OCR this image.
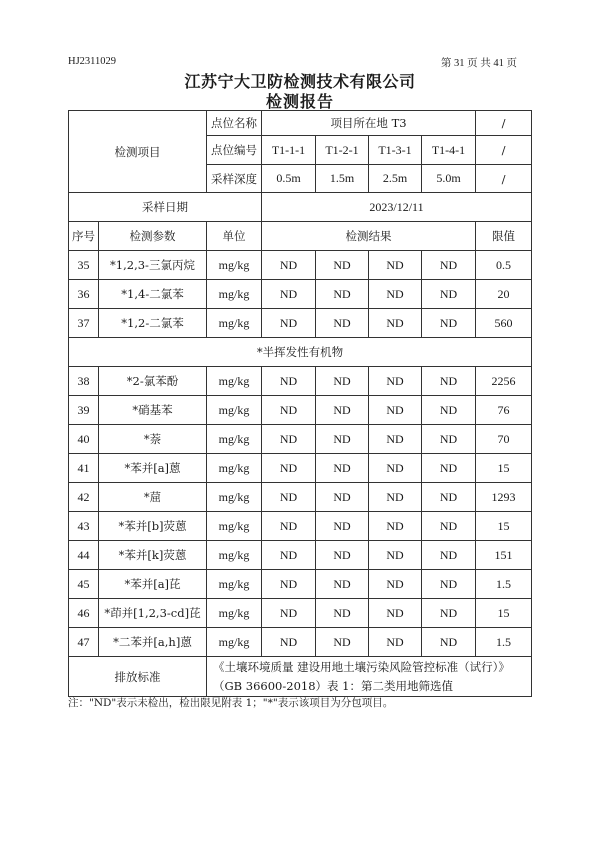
HJ2311029	第 31 页 共 41 页
江苏宁大卫防检测技术有限公司
检测报告
检测项目		点位名称	项目所在地 T3				/
		点位编号	T1-1-1	T1-2-1	T1-3-1	T1-4-1	/
		采样深度	0.5m	1.5m	2.5m	5.0m	/
采样日期			2023/12/11				
序号	检测参数	单位	检测结果				限值
35	*1,2,3-三氯丙烷	mg/kg	ND	ND	ND	ND	0.5
36	*1,4-二氯苯	mg/kg	ND	ND	ND	ND	20
37	*1,2-二氯苯	mg/kg	ND	ND	ND	ND	560
*半挥发性有机物							
38	*2-氯苯酚	mg/kg	ND	ND	ND	ND	2256
39	*硝基苯	mg/kg	ND	ND	ND	ND	76
40	*萘	mg/kg	ND	ND	ND	ND	70
41	*苯并[a]蒽	mg/kg	ND	ND	ND	ND	15
42	*䓛	mg/kg	ND	ND	ND	ND	1293
43	*苯并[b]荧蒽	mg/kg	ND	ND	ND	ND	15
44	*苯并[k]荧蒽	mg/kg	ND	ND	ND	ND	151
45	*苯并[a]芘	mg/kg	ND	ND	ND	ND	1.5
46	*茚并[1,2,3-cd]芘	mg/kg	ND	ND	ND	ND	15
47	*二苯并[a,h]蒽	mg/kg	ND	ND	ND	ND	1.5
排放标准		《土壤环境质量 建设用地土壤污染风险管控标准（试行）》
（GB 36600-2018）表 1：第二类用地筛选值					
注："ND"表示未检出，检出限见附表 1；"*"表示该项目为分包项目。
